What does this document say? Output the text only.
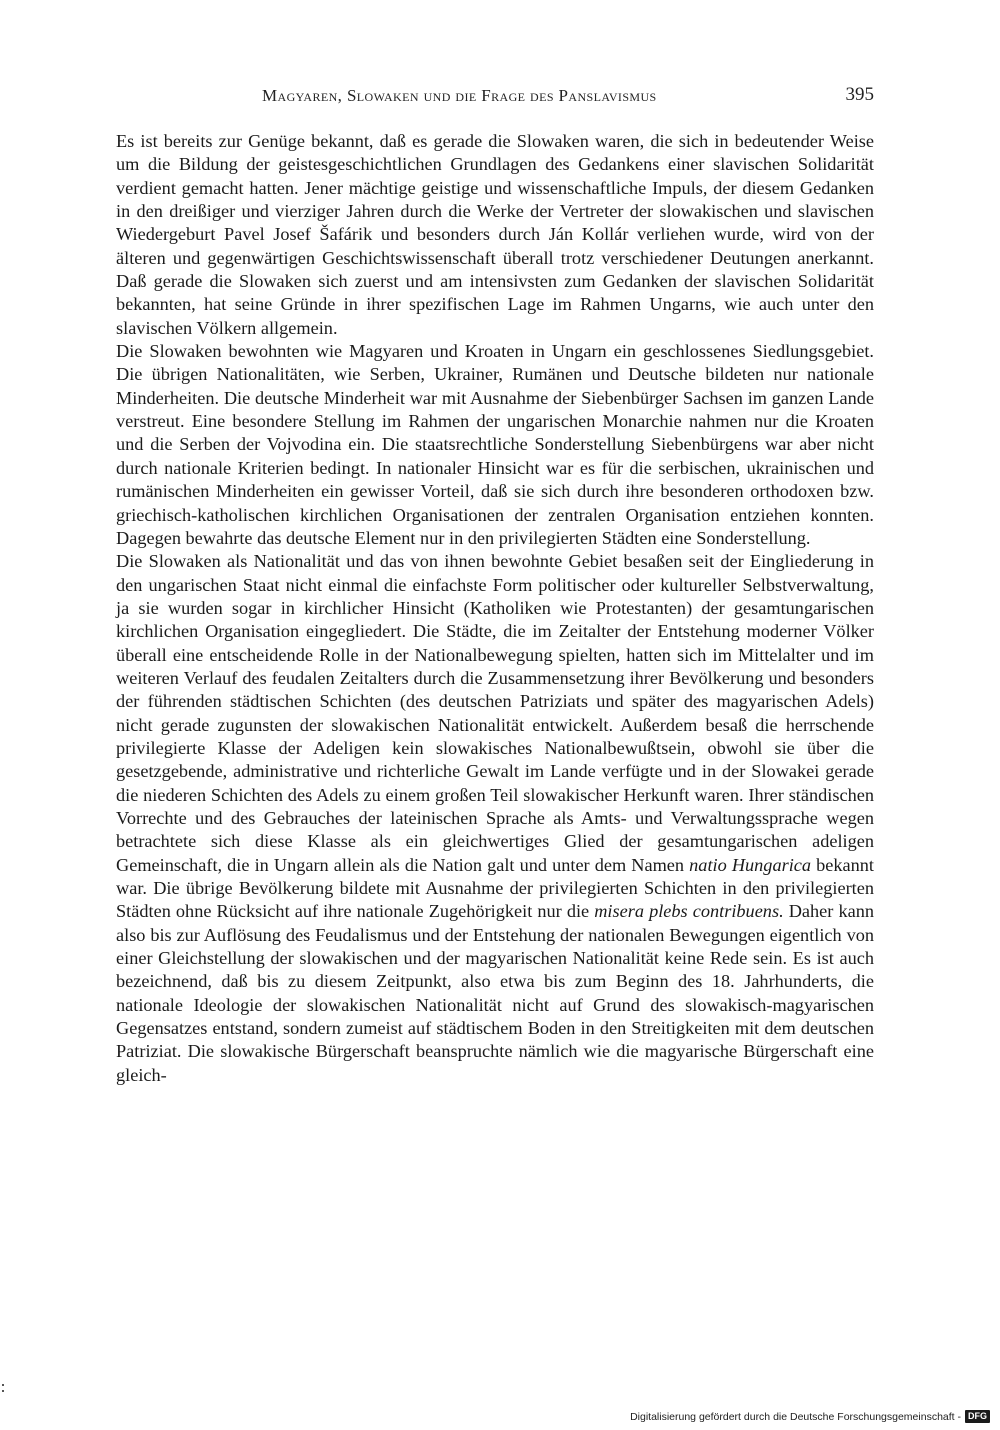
Magyaren, Slowaken und die Frage des Panslavismus	395

Es ist bereits zur Genüge bekannt, daß es gerade die Slowaken waren, die sich in bedeutender Weise um die Bildung der geistesgeschichtlichen Grundlagen des Gedankens einer slavischen Solidarität verdient gemacht hatten. Jener mächtige geistige und wissenschaftliche Impuls, der diesem Gedanken in den dreißiger und vierziger Jahren durch die Werke der Vertreter der slowakischen und slavischen Wiedergeburt Pavel Josef Šafárik und besonders durch Ján Kollár verliehen wurde, wird von der älteren und gegenwärtigen Geschichtswissenschaft überall trotz verschiedener Deutungen anerkannt. Daß gerade die Slowaken sich zuerst und am intensivsten zum Gedanken der slavischen Solidarität bekannten, hat seine Gründe in ihrer spezifischen Lage im Rahmen Ungarns, wie auch unter den slavischen Völkern allgemein.

Die Slowaken bewohnten wie Magyaren und Kroaten in Ungarn ein geschlossenes Siedlungsgebiet. Die übrigen Nationalitäten, wie Serben, Ukrainer, Rumänen und Deutsche bildeten nur nationale Minderheiten. Die deutsche Minderheit war mit Ausnahme der Siebenbürger Sachsen im ganzen Lande verstreut. Eine besondere Stellung im Rahmen der ungarischen Monarchie nahmen nur die Kroaten und die Serben der Vojvodina ein. Die staatsrechtliche Sonderstellung Siebenbürgens war aber nicht durch nationale Kriterien bedingt. In nationaler Hinsicht war es für die serbischen, ukrainischen und rumänischen Minderheiten ein gewisser Vorteil, daß sie sich durch ihre besonderen orthodoxen bzw. griechisch-katholischen kirchlichen Organisationen der zentralen Organisation entziehen konnten. Dagegen bewahrte das deutsche Element nur in den privilegierten Städten eine Sonderstellung.

Die Slowaken als Nationalität und das von ihnen bewohnte Gebiet besaßen seit der Eingliederung in den ungarischen Staat nicht einmal die einfachste Form politischer oder kultureller Selbstverwaltung, ja sie wurden sogar in kirchlicher Hinsicht (Katholiken wie Protestanten) der gesamtungarischen kirchlichen Organisation eingegliedert. Die Städte, die im Zeitalter der Entstehung moderner Völker überall eine entscheidende Rolle in der Nationalbewegung spielten, hatten sich im Mittelalter und im weiteren Verlauf des feudalen Zeitalters durch die Zusammensetzung ihrer Bevölkerung und besonders der führenden städtischen Schichten (des deutschen Patriziats und später des magyarischen Adels) nicht gerade zugunsten der slowakischen Nationalität entwickelt. Außerdem besaß die herrschende privilegierte Klasse der Adeligen kein slowakisches Nationalbewußtsein, obwohl sie über die gesetzgebende, administrative und richterliche Gewalt im Lande verfügte und in der Slowakei gerade die niederen Schichten des Adels zu einem großen Teil slowakischer Herkunft waren. Ihrer ständischen Vorrechte und des Gebrauches der lateinischen Sprache als Amts- und Verwaltungssprache wegen betrachtete sich diese Klasse als ein gleichwertiges Glied der gesamtungarischen adeligen Gemeinschaft, die in Ungarn allein als die Nation galt und unter dem Namen natio Hungarica bekannt war. Die übrige Bevölkerung bildete mit Ausnahme der privilegierten Schichten in den privilegierten Städten ohne Rücksicht auf ihre nationale Zugehörigkeit nur die misera plebs contribuens. Daher kann also bis zur Auflösung des Feudalismus und der Entstehung der nationalen Bewegungen eigentlich von einer Gleichstellung der slowakischen und der magyarischen Nationalität keine Rede sein. Es ist auch bezeichnend, daß bis zu diesem Zeitpunkt, also etwa bis zum Beginn des 18. Jahrhunderts, die nationale Ideologie der slowakischen Nationalität nicht auf Grund des slowakisch-magyarischen Gegensatzes entstand, sondern zumeist auf städtischem Boden in den Streitigkeiten mit dem deutschen Patriziat. Die slowakische Bürgerschaft beanspruchte nämlich wie die magyarische Bürgerschaft eine gleich-

Digitalisierung gefördert durch die Deutsche Forschungsgemeinschaft - DFG
